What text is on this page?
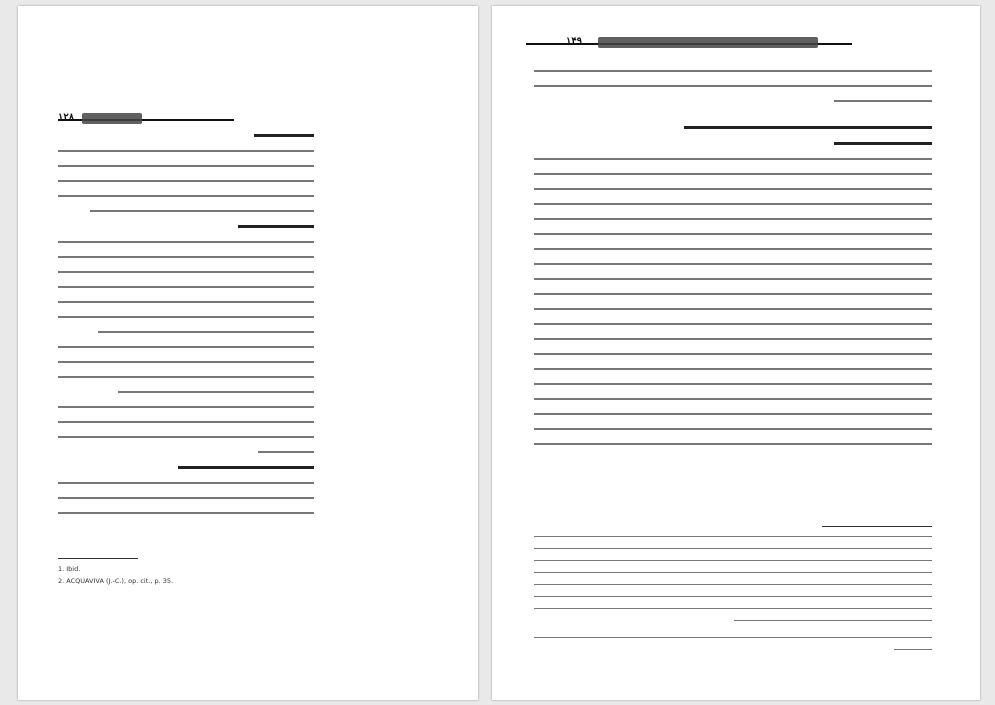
۱۲۸
1. Ibid.
2. ACQUAVIVA (J.-C.), op. cit., p. 35.
۱۴۹
